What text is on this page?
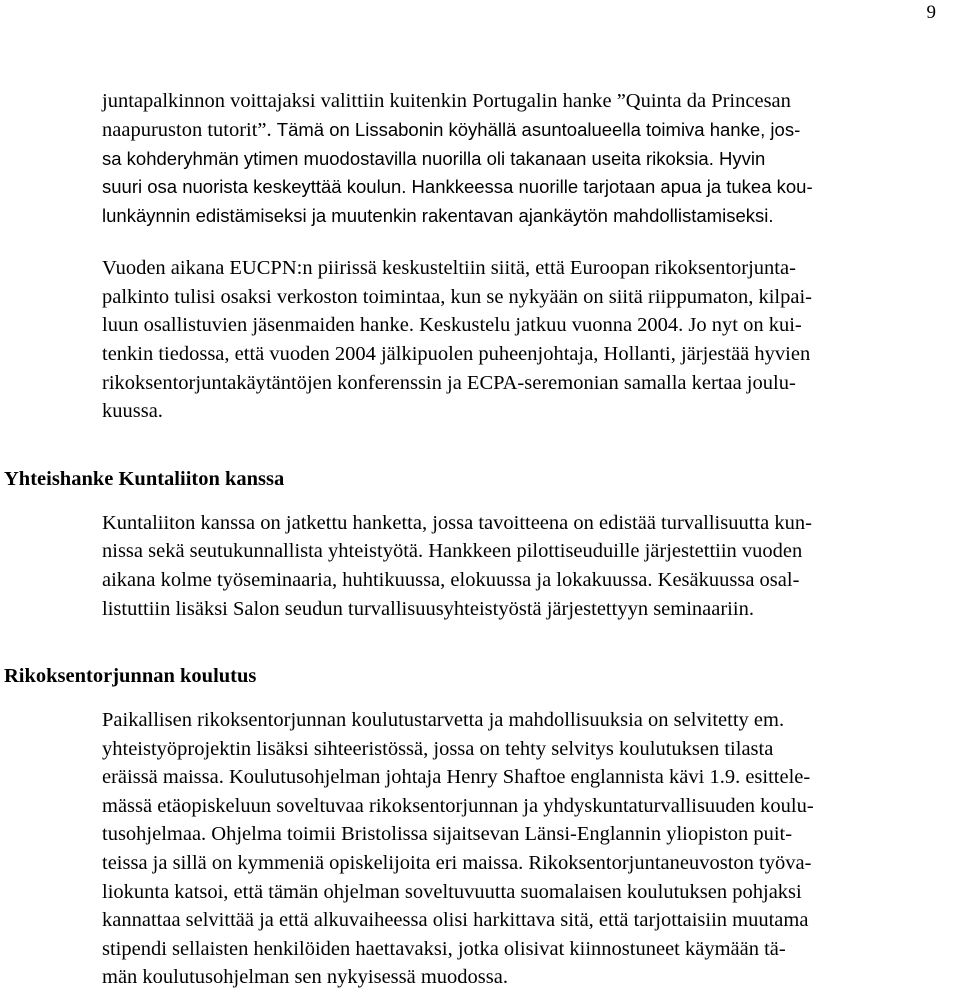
9
juntapalkinnon voittajaksi valittiin kuitenkin Portugalin hanke ”Quinta da Princesan
naapuruston tutorit”. Tämä on Lissabonin köyhällä asuntoalueella toimiva hanke, jos-
sa kohderyhmän ytimen muodostavilla nuorilla oli takanaan useita rikoksia. Hyvin
suuri osa nuorista keskeyttää koulun. Hankkeessa nuorille tarjotaan apua ja tukea kou-
lunkäynnin edistämiseksi ja muutenkin rakentavan ajankäytön mahdollistamiseksi.
Vuoden aikana EUCPN:n piirissä keskusteltiin siitä, että Euroopan rikoksentorjunta-
palkinto tulisi osaksi verkoston toimintaa, kun se nykyään on siitä riippumaton, kilpai-
luun osallistuvien jäsenmaiden hanke. Keskustelu jatkuu vuonna 2004. Jo nyt on kui-
tenkin tiedossa, että vuoden 2004 jälkipuolen puheenjohtaja, Hollanti, järjestää hyvien
rikoksentorjuntakäytäntöjen konferenssin ja ECPA-seremonian samalla kertaa joulu-
kuussa.
Yhteishanke Kuntaliiton kanssa
Kuntaliiton kanssa on jatkettu hanketta, jossa tavoitteena on edistää turvallisuutta kun-
nissa sekä seutukunnallista yhteistyötä. Hankkeen pilottiseuduille järjestettiin vuoden
aikana kolme työseminaaria, huhtikuussa, elokuussa ja lokakuussa. Kesäkuussa osal-
listuttiin lisäksi Salon seudun turvallisuusyhteistyöstä järjestettyyn seminaariin.
Rikoksentorjunnan koulutus
Paikallisen rikoksentorjunnan koulutustarvetta ja mahdollisuuksia on selvitetty em.
yhteistyöprojektin lisäksi sihteeristössä, jossa on tehty selvitys koulutuksen tilasta
eräissä maissa. Koulutusohjelman johtaja Henry Shaftoe englannista kävi 1.9. esittele-
mässä etäopiskeluun soveltuvaa rikoksentorjunnan ja yhdyskuntaturvallisuuden koulu-
tusohjelmaa. Ohjelma toimii Bristolissa sijaitsevan Länsi-Englannin yliopiston puit-
teissa ja sillä on kymmeniä opiskelijoita eri maissa. Rikoksentorjuntaneuvoston työva-
liokunta katsoi, että tämän ohjelman soveltuvuutta suomalaisen koulutuksen pohjaksi
kannattaa selvittää ja että alkuvaiheessa olisi harkittava sitä, että tarjottaisiin muutama
stipendi sellaisten henkilöiden haettavaksi, jotka olisivat kiinnostuneet käymään tä-
män koulutusohjelman sen nykyisessä muodossa.
